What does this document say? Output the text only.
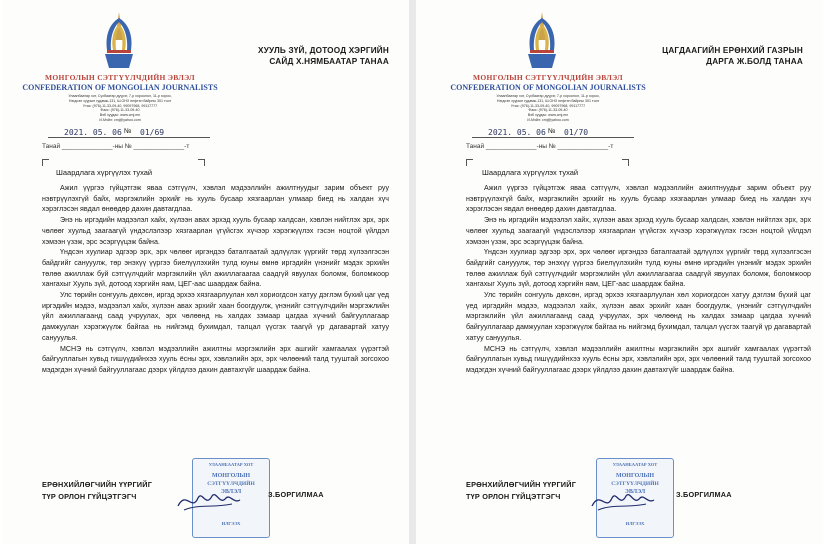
МОНГОЛЫН СЭТГҮҮЛЧДИЙН ЭВЛЭЛ
CONFEDERATION OF MONGOLIAN JOURNALISTS
Улаанбаатар хот, Сүхбаатар дүүрэг, 7-р хороолол, 11-р хороо,
Нэгдсэн хуурын гудамж-131, Ш.ОНЗ нефтэн байрны 301 тоот
Утас: (976)-11-33-09-40, 99097968, 99117777
Факс: (976)-11-33-09-40
Вэб хуудас: www.cmj.mn
И-Мэйл: cmj@yahoo.com
ХУУЛЬ ЗҮЙ, ДОТООД ХЭРГИЙН
САЙД Х.НЯМБААТАР ТАНАА
2021. 05. 06 № 01/69
Танай ______________-ны № ______________-т
Шаардлага хүргүүлэх тухай

Ажил үүргээ гүйцэтгэж яваа сэтгүүлч, хэвлэл мэдээллийн ажилтнуудыг зарим объект руу нэвтрүүлэхгүй байх, мэргэжлийн эрхийг нь хууль бусаар хязгаарлан улмаар биед нь халдан хүч хэрэглэсэн явдал өнөөдөр дахин давтагдлаа.

Энэ нь иргэдийн мэдээлэл хайх, хүлээн авах эрхэд хууль бусаар халдсан, хэвлэн нийтлэх эрх, эрх чөлөөг хуульд заагаагүй үндэслэлээр хязгаарлан үгүйсгэх хүчээр хэрэгжүүлэх гэсэн ноцтой үйлдэл хэмээн үзэж, эрс эсэргүүцэж байна.

Үндсэн хуулиар эдгээр эрх, эрх чөлөөг иргэндээ баталгаатай эдлүүлэх үүргийг төрд хүлээлгэсэн байдгийг санууулж, төр энэхүү үүргээ биелүүлэхийн тулд юуны өмнө иргэдийн үнэнийг мэдэх эрхийн төлөө ажиллаж буй сэтгүүлчдийг мэргэжлийн үйл ажиллагаагаа саадгүй явуулах боломж, боломжоор хангахыг Хууль зүй, дотоод хэргийн яам, ЦЕГ-аас шаардаж байна.

Улс төрийн сонгууль дөхсөн, иргэд эрхээ хязгаарлуулан хөл хориогдсон хатуу дэглэм бүхий цаг үед иргэдийн мэдээ, мэдээлэл хайх, хүлээн авах эрхийг хаан боогдуулж, үнэнийг сэтгүүлчдийн мэргэжлийн үйл ажиллагаанд саад учруулах, эрх чөлөөнд нь халдах зэмаар цагдаа хүчний байгууллагаар дамжуулан хэрэгжүүлж байгаа нь нийгэмд бухимдал, талцал үүсгэх таагүй үр дагавартай хатуу санууулья.

МСНЭ нь сэтгүүлч, хэвлэл мэдээллийн ажилтны мэргэжлийн эрх ашгийг хамгаалах үүрэгтэй байгууллагын хувьд гишүүдийнхээ хууль ёсны эрх, хэвлэлийн эрх, эрх чөлөөний талд тууштай зогсохоо мэдэгдэн хүчний байгууллагаас дээрх үйлдлээ дахин давтахгүйг шаардаж байна.

УЛААНБААТАР ХОТ
МОНГОЛЫН
СЭТГҮҮЛЧДИЙН
ЭВЛЭЛ
ИЛГЭЭХ
ЕРӨНХИЙЛӨГЧИЙН ҮҮРГИЙГ
ТҮР ОРЛОН ГҮЙЦЭТГЭГЧ	З.БОРГИЛМАА
МОНГОЛЫН СЭТГҮҮЛЧДИЙН ЭВЛЭЛ
CONFEDERATION OF MONGOLIAN JOURNALISTS
Улаанбаатар хот, Сүхбаатар дүүрэг, 7-р хороолол, 11-р хороо,
Нэгдсэн хуурын гудамж-131, Ш.ОНЗ нефтэн байрны 301 тоот
Утас: (976)-11-33-09-40, 99097968, 99117777
Факс: (976)-11-33-09-40
Вэб хуудас: www.cmj.mn
И-Мэйл: cmj@yahoo.com
ЦАГДААГИЙН ЕРӨНХИЙ ГАЗРЫН
ДАРГА Ж.БОЛД ТАНАА
2021. 05. 06 № 01/70
Танай ______________-ны № ______________-т
Шаардлага хүргүүлэх тухай

Ажил үүргээ гүйцэтгэж яваа сэтгүүлч, хэвлэл мэдээллийн ажилтнуудыг зарим объект руу нэвтрүүлэхгүй байх, мэргэжлийн эрхийг нь хууль бусаар хязгаарлан улмаар биед нь халдан хүч хэрэглэсэн явдал өнөөдөр дахин давтагдлаа.

Энэ нь иргэдийн мэдээлэл хайх, хүлээн авах эрхэд хууль бусаар халдсан, хэвлэн нийтлэх эрх, эрх чөлөөг хуульд заагаагүй үндэслэлээр хязгаарлан үгүйсгэх хүчээр хэрэгжүүлэх гэсэн ноцтой үйлдэл хэмээн үзэж, эрс эсэргүүцэж байна.

Үндсэн хуулиар эдгээр эрх, эрх чөлөөг иргэндээ баталгаатай эдлүүлэх үүргийг төрд хүлээлгэсэн байдгийг санууулж, төр энэхүү үүргээ биелүүлэхийн тулд юуны өмнө иргэдийн үнэнийг мэдэх эрхийн төлөө ажиллаж буй сэтгүүлчдийг мэргэжлийн үйл ажиллагаагаа саадгүй явуулах боломж, боломжоор хангахыг Хууль зүй, дотоод хэргийн яам, ЦЕГ-аас шаардаж байна.

Улс төрийн сонгууль дөхсөн, иргэд эрхээ хязгаарлуулан хөл хориогдсон хатуу дэглэм бүхий цаг үед иргэдийн мэдээ, мэдээлэл хайх, хүлээн авах эрхийг хаан боогдуулж, үнэнийг сэтгүүлчдийн мэргэжлийн үйл ажиллагаанд саад учруулах, эрх чөлөөнд нь халдах зэмаар цагдаа хүчний байгууллагаар дамжуулан хэрэгжүүлж байгаа нь нийгэмд бухимдал, талцал үүсгэх таагүй үр дагавартай хатуу санууулья.

МСНЭ нь сэтгүүлч, хэвлэл мэдээллийн ажилтны мэргэжлийн эрх ашгийг хамгаалах үүрэгтэй байгууллагын хувьд гишүүдийнхээ хууль ёсны эрх, хэвлэлийн эрх, эрх чөлөөний талд тууштай зогсохоо мэдэгдэн хүчний байгууллагаас дээрх үйлдлээ дахин давтахгүйг шаардаж байна.

УЛААНБААТАР ХОТ
МОНГОЛЫН
СЭТГҮҮЛЧДИЙН
ЭВЛЭЛ
ИЛГЭЭХ
ЕРӨНХИЙЛӨГЧИЙН ҮҮРГИЙГ
ТҮР ОРЛОН ГҮЙЦЭТГЭГЧ	З.БОРГИЛМАА
